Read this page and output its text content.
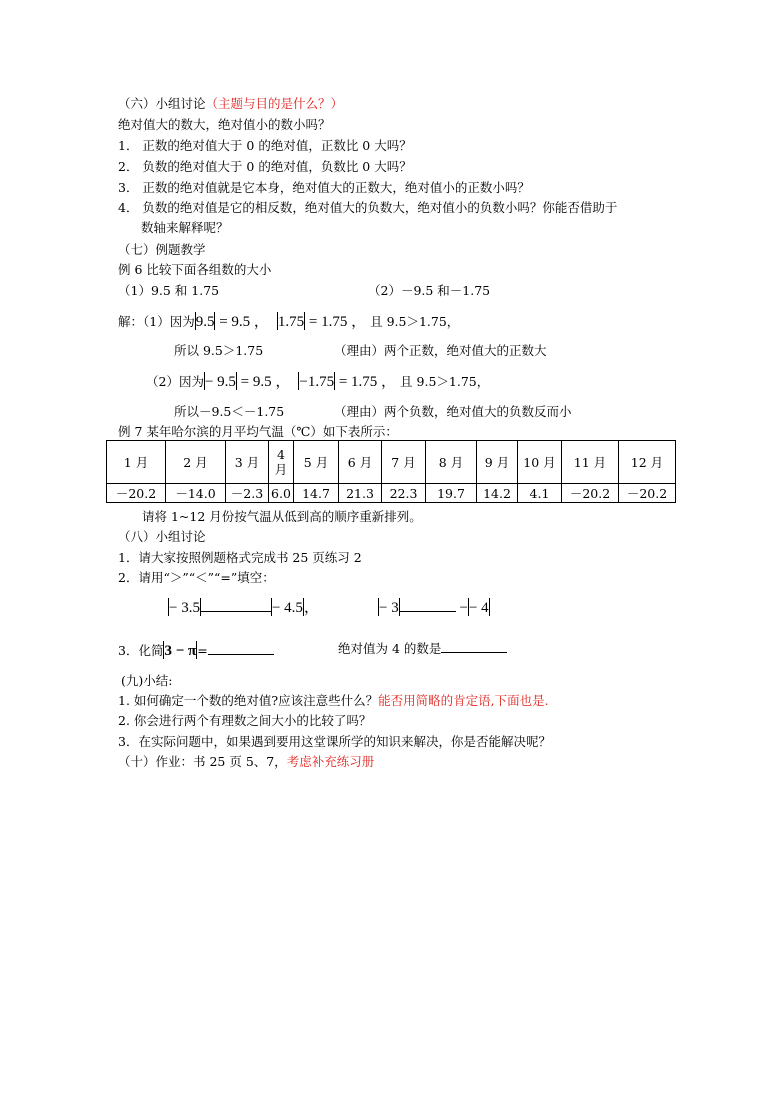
（六）小组讨论（主题与目的是什么？）
绝对值大的数大，绝对值小的数小吗？
1． 正数的绝对值大于 0 的绝对值，正数比 0 大吗？
2． 负数的绝对值大于 0 的绝对值，负数比 0 大吗？
3． 正数的绝对值就是它本身，绝对值大的正数大，绝对值小的正数小吗？
4． 负数的绝对值是它的相反数，绝对值大的负数大，绝对值小的负数小吗？你能否借助于
数轴来解释呢？
（七）例题教学
例 6 比较下面各组数的大小
（1）9.5 和 1.75	（2）－9.5 和－1.75
解：（1）因为9.5 = 9.5 ， 1.75 = 1.75 ， 且 9.5＞1.75，
所以 9.5＞1.75	（理由）两个正数，绝对值大的正数大
（2）因为− 9.5 = 9.5 ， −1.75 = 1.75 ， 且 9.5＞1.75，
所以－9.5＜－1.75	（理由）两个负数，绝对值大的负数反而小
例 7 某年哈尔滨的月平均气温（℃）如下表所示：
1 月	2 月	3 月	4
月	5 月	6 月	7 月	8 月	9 月	10 月	11 月	12 月
－20.2	－14.0	－2.3	6.0	14.7	21.3	22.3	19.7	14.2	4.1	－20.2	－20.2
请将 1~12 月份按气温从低到高的顺序重新排列。
（八）小组讨论
1．请大家按照例题格式完成书 25 页练习 2
2．请用“＞”“＜”“=”填空：
− 3.5	− 4.5，	− 3	−− 4
3．化简3 − π=	绝对值为 4 的数是
(九)小结:
1. 如何确定一个数的绝对值?应该注意些什么？能否用简略的肯定语,下面也是.
2. 你会进行两个有理数之间大小的比较了吗？
3．在实际问题中，如果遇到要用这堂课所学的知识来解决，你是否能解决呢？
（十）作业：书 25 页 5、7，考虑补充练习册
